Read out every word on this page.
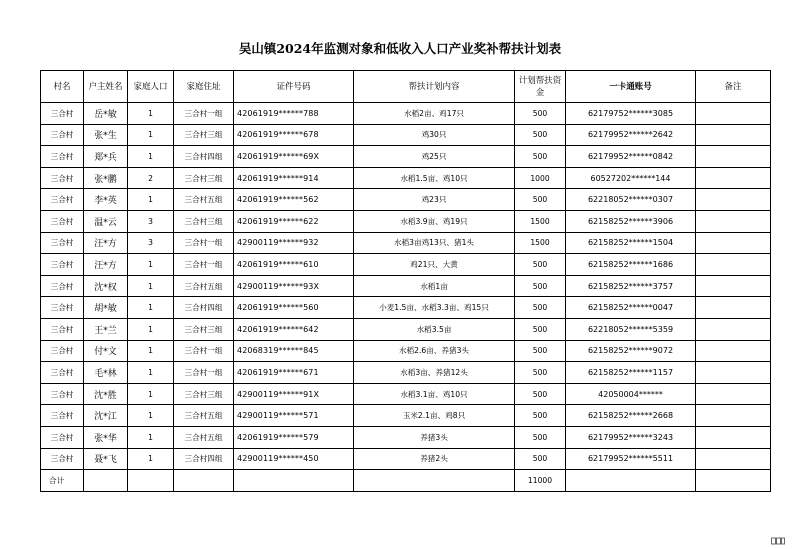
吴山镇2024年监测对象和低收入人口产业奖补帮扶计划表
村名	户主姓名	家庭人口	家庭住址	证件号码	帮扶计划内容	计划帮扶资金	一卡通账号	备注
三合村	岳*敏	1	三合村一组	42061919******788	水稻2亩、鸡17只	500	62179752******3085	
三合村	张*生	1	三合村三组	42061919******678	鸡30只	500	62179952******2642	
三合村	郑*兵	1	三合村四组	42061919******69X	鸡25只	500	62179952******0842	
三合村	张*鹏	2	三合村三组	42061919******914	水稻1.5亩、鸡10只	1000	60527202******144	
三合村	李*英	1	三合村五组	42061919******562	鸡23只	500	62218052******0307	
三合村	温*云	3	三合村三组	42061919******622	水稻3.9亩、鸡19只	1500	62158252******3906	
三合村	汪*方	3	三合村一组	42900119******932	水稻3亩鸡13只、猪1头	1500	62158252******1504	
三合村	汪*方	1	三合村一组	42061919******610	鸡21只、大黄	500	62158252******1686	
三合村	沈*权	1	三合村五组	42900119******93X	水稻1亩	500	62158252******3757	
三合村	胡*敏	1	三合村四组	42061919******560	小麦1.5亩、水稻3.3亩、鸡15只	500	62158252******0047	
三合村	王*兰	1	三合村三组	42061919******642	水稻3.5亩	500	62218052******5359	
三合村	付*文	1	三合村一组	42068319******845	水稻2.6亩、养猪3头	500	62158252******9072	
三合村	毛*林	1	三合村一组	42061919******671	水稻3亩、养猪12头	500	62158252******1157	
三合村	沈*胜	1	三合村三组	42900119******91X	水稻3.1亩、鸡10只	500	42050004******	
三合村	沈*江	1	三合村五组	42900119******571	玉米2.1亩、鸡8只	500	62158252******2668	
三合村	张*华	1	三合村五组	42061919******579	养猪3头	500	62179952******3243	
三合村	聂*飞	1	三合村四组	42900119******450	养猪2头	500	62179952******5511	
合计						11000		
